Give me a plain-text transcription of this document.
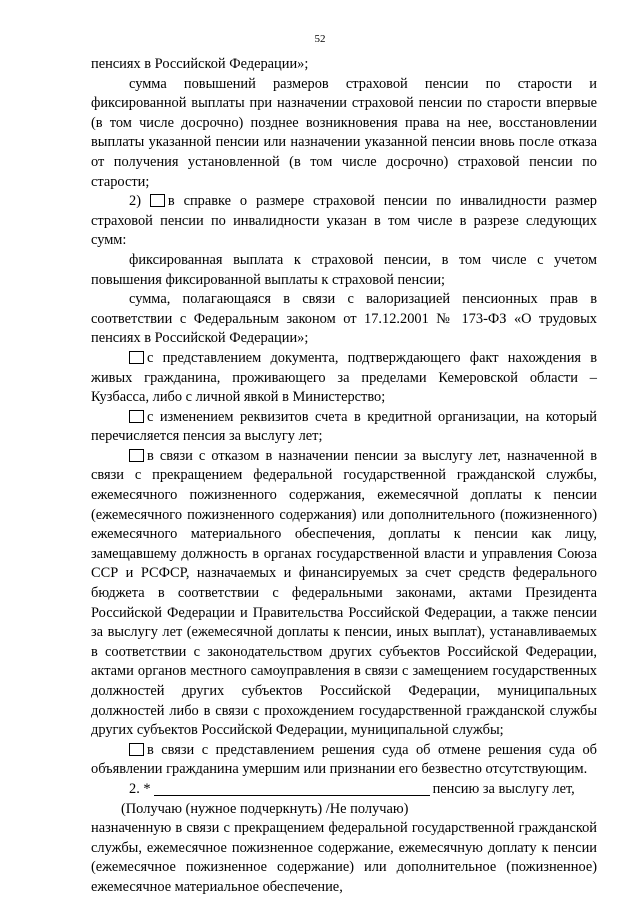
52

пенсиях в Российской Федерации»;

сумма повышений размеров страховой пенсии по старости и фиксированной выплаты при назначении страховой пенсии по старости впервые (в том числе досрочно) позднее возникновения права на нее, восстановлении выплаты указанной пенсии или назначении указанной пенсии вновь после отказа от получения установленной (в том числе досрочно) страховой пенсии по старости;

2) в справке о размере страховой пенсии по инвалидности размер страховой пенсии по инвалидности указан в том числе в разрезе следующих сумм:

фиксированная выплата к страховой пенсии, в том числе с учетом повышения фиксированной выплаты к страховой пенсии;

сумма, полагающаяся в связи с валоризацией пенсионных прав в соответствии с Федеральным законом от 17.12.2001 № 173-ФЗ «О трудовых пенсиях в Российской Федерации»;

с представлением документа, подтверждающего факт нахождения в живых гражданина, проживающего за пределами Кемеровской области – Кузбасса, либо с личной явкой в Министерство;

с изменением реквизитов счета в кредитной организации, на который перечисляется пенсия за выслугу лет;

в связи с отказом в назначении пенсии за выслугу лет, назначенной в связи с прекращением федеральной государственной гражданской службы, ежемесячного пожизненного содержания, ежемесячной доплаты к пенсии (ежемесячного пожизненного содержания) или дополнительного (пожизненного) ежемесячного материального обеспечения, доплаты к пенсии как лицу, замещавшему должность в органах государственной власти и управления Союза ССР и РСФСР, назначаемых и финансируемых за счет средств федерального бюджета в соответствии с федеральными законами, актами Президента Российской Федерации и Правительства Российской Федерации, а также пенсии за выслугу лет (ежемесячной доплаты к пенсии, иных выплат), устанавливаемых в соответствии с законодательством других субъектов Российской Федерации, актами органов местного самоуправления в связи с замещением государственных должностей других субъектов Российской Федерации, муниципальных должностей либо в связи с прохождением государственной гражданской службы других субъектов Российской Федерации, муниципальной службы;

в связи с представлением решения суда об отмене решения суда об объявлении гражданина умершим или признании его безвестно отсутствующим.

2. *	пенсию за выслугу лет,

(Получаю (нужное подчеркнуть) /Не получаю)

назначенную в связи с прекращением федеральной государственной гражданской службы, ежемесячное пожизненное содержание, ежемесячную доплату к пенсии (ежемесячное пожизненное содержание) или дополнительное (пожизненное) ежемесячное материальное обеспечение,
